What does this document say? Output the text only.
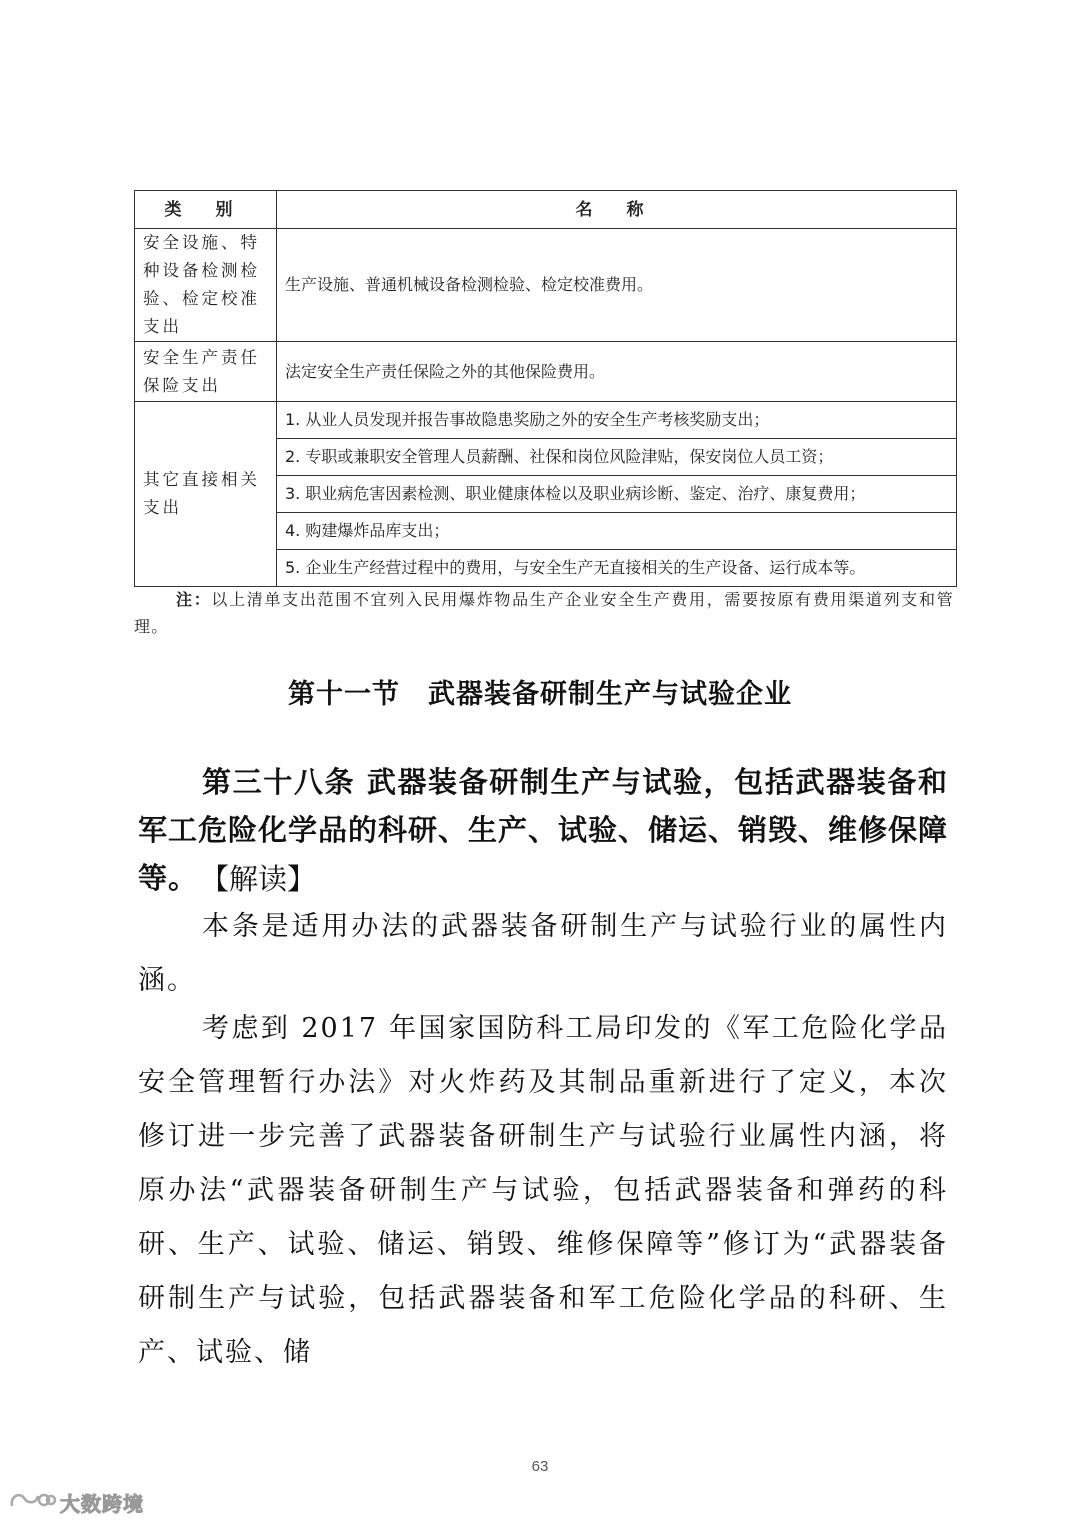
类 别	名 称
安全设施、特种设备检测检验、检定校准支出	生产设施、普通机械设备检测检验、检定校准费用。
安全生产责任保险支出	法定安全生产责任保险之外的其他保险费用。
其它直接相关支出	1. 从业人员发现并报告事故隐患奖励之外的安全生产考核奖励支出；
	2. 专职或兼职安全管理人员薪酬、社保和岗位风险津贴，保安岗位人员工资；
	3. 职业病危害因素检测、职业健康体检以及职业病诊断、鉴定、治疗、康复费用；
	4. 购建爆炸品库支出；
	5. 企业生产经营过程中的费用，与安全生产无直接相关的生产设备、运行成本等。
注：以上清单支出范围不宜列入民用爆炸物品生产企业安全生产费用，需要按原有费用渠道列支和管理。
第十一节　武器装备研制生产与试验企业
第三十八条 武器装备研制生产与试验，包括武器装备和军工危险化学品的科研、生产、试验、储运、销毁、维修保障等。 【解读】
本条是适用办法的武器装备研制生产与试验行业的属性内涵。
考虑到 2017 年国家国防科工局印发的《军工危险化学品安全管理暂行办法》对火炸药及其制品重新进行了定义，本次修订进一步完善了武器装备研制生产与试验行业属性内涵，将原办法“武器装备研制生产与试验，包括武器装备和弹药的科研、生产、试验、储运、销毁、维修保障等”修订为“武器装备研制生产与试验，包括武器装备和军工危险化学品的科研、生产、试验、储
63
大数跨境
